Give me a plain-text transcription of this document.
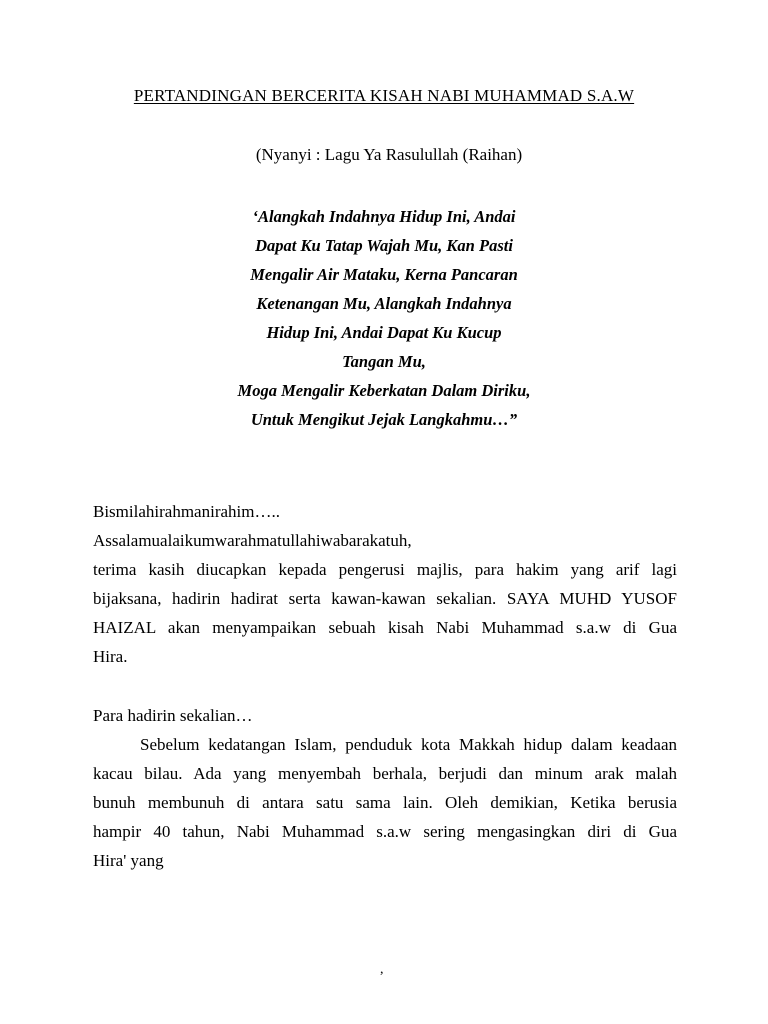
PERTANDINGAN BERCERITA KISAH NABI MUHAMMAD S.A.W
(Nyanyi : Lagu Ya Rasulullah (Raihan)
‘Alangkah Indahnya Hidup Ini, Andai
Dapat Ku Tatap Wajah Mu, Kan Pasti
Mengalir Air Mataku, Kerna Pancaran
Ketenangan Mu, Alangkah Indahnya
Hidup Ini, Andai Dapat Ku Kucup
Tangan Mu,
Moga Mengalir Keberkatan Dalam Diriku,
Untuk Mengikut Jejak Langkahmu…”
Bismilahirahmanirahim…..
Assalamualaikumwarahmatullahiwabarakatuh,
terima kasih diucapkan kepada pengerusi majlis, para hakim yang arif lagi
bijaksana, hadirin hadirat serta kawan-kawan sekalian. SAYA MUHD YUSOF
HAIZAL akan menyampaikan sebuah kisah Nabi Muhammad s.a.w di Gua
Hira.
Para hadirin sekalian…
Sebelum kedatangan Islam, penduduk kota Makkah hidup dalam keadaan
kacau bilau. Ada yang menyembah berhala, berjudi dan minum arak malah
bunuh membunuh di antara satu sama lain. Oleh demikian, Ketika berusia
hampir 40 tahun, Nabi Muhammad s.a.w sering mengasingkan diri di Gua
Hira' yang
,
